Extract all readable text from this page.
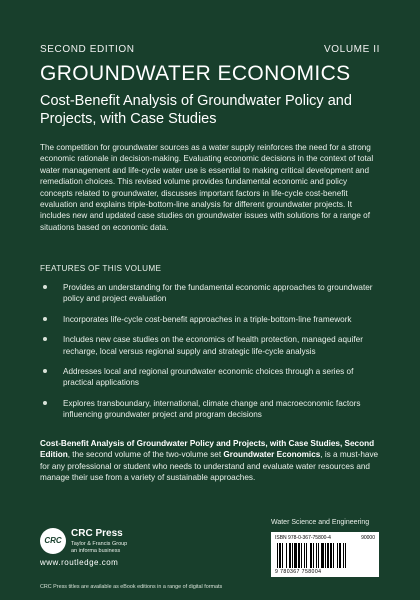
SECOND EDITION	VOLUME II
GROUNDWATER ECONOMICS
Cost-Benefit Analysis of Groundwater Policy and Projects, with Case Studies
The competition for groundwater sources as a water supply reinforces the need for a strong economic rationale in decision-making. Evaluating economic decisions in the context of total water management and life-cycle water use is essential to making critical development and remediation choices. This revised volume provides fundamental economic and policy concepts related to groundwater, discusses important factors in life-cycle cost-benefit evaluation and explains triple-bottom-line analysis for different groundwater projects. It includes new and updated case studies on groundwater issues with solutions for a range of situations based on economic data.
FEATURES OF THIS VOLUME
Provides an understanding for the fundamental economic approaches to groundwater policy and project evaluation
Incorporates life-cycle cost-benefit approaches in a triple-bottom-line framework
Includes new case studies on the economics of health protection, managed aquifer recharge, local versus regional supply and strategic life-cycle analysis
Addresses local and regional groundwater economic choices through a series of practical applications
Explores transboundary, international, climate change and macroeconomic factors influencing groundwater project and program decisions
Cost-Benefit Analysis of Groundwater Policy and Projects, with Case Studies, Second Edition, the second volume of the two-volume set Groundwater Economics, is a must-have for any professional or student who needs to understand and evaluate water resources and manage their use from a variety of sustainable approaches.
CRC
CRC Press
Taylor & Francis Group
an informa business
www.routledge.com
Water Science and Engineering
ISBN 978-0-367-75800-4	90000
9 780367 758004
CRC Press titles are available as eBook editions in a range of digital formats
